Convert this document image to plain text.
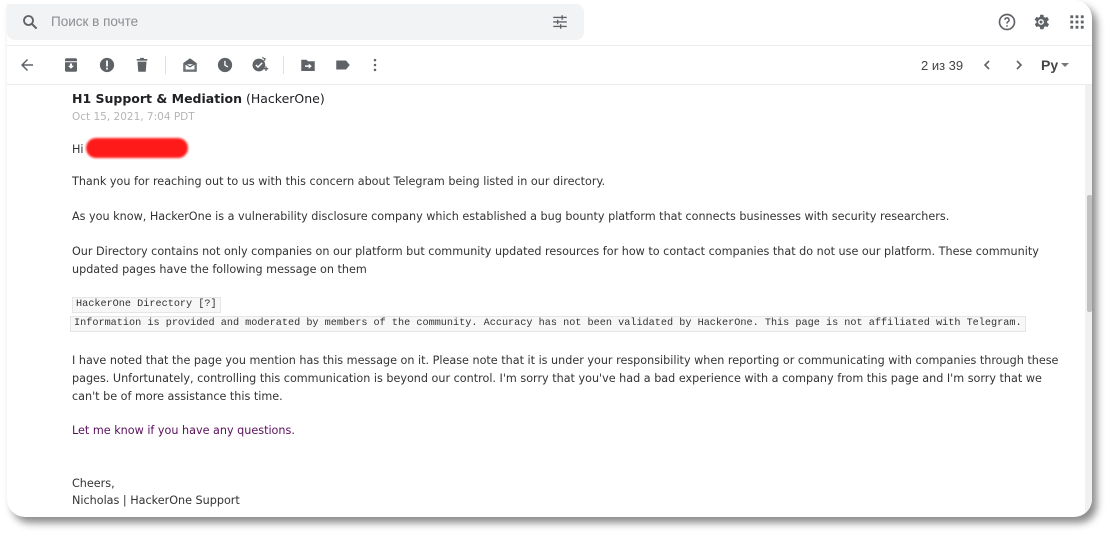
Поиск в почте
2 из 39	Ру
H1 Support & Mediation (HackerOne)
Oct 15, 2021, 7:04 PDT
Hi
Thank you for reaching out to us with this concern about Telegram being listed in our directory.
As you know, HackerOne is a vulnerability disclosure company which established a bug bounty platform that connects businesses with security researchers.
Our Directory contains not only companies on our platform but community updated resources for how to contact companies that do not use our platform. These community updated pages have the following message on them
HackerOne Directory [?]
Information is provided and moderated by members of the community. Accuracy has not been validated by HackerOne. This page is not affiliated with Telegram.
I have noted that the page you mention has this message on it. Please note that it is under your responsibility when reporting or communicating with companies through these pages. Unfortunately, controlling this communication is beyond our control. I'm sorry that you've had a bad experience with a company from this page and I'm sorry that we can't be of more assistance this time.
Let me know if you have any questions.
Cheers,
Nicholas | HackerOne Support
